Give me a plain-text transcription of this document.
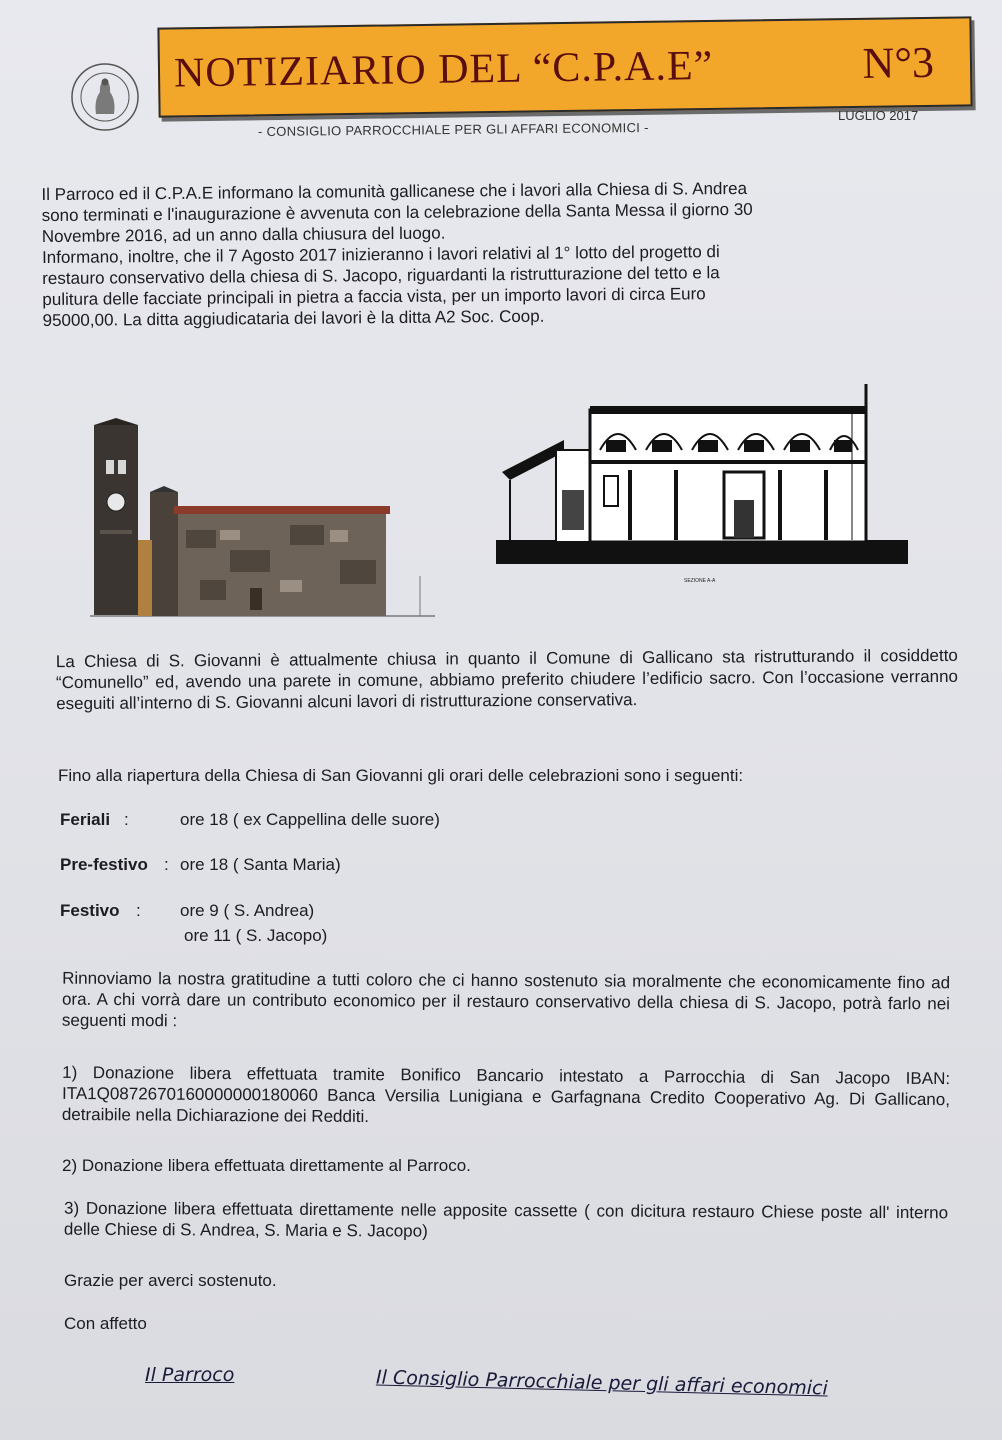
NOTIZIARIO DEL “C.P.A.E”	N°3
- CONSIGLIO PARROCCHIALE PER GLI AFFARI ECONOMICI -
LUGLIO 2017
Il Parroco ed il C.P.A.E informano la comunità gallicanese che i lavori alla Chiesa di S. Andrea
sono terminati e l'inaugurazione è avvenuta con la celebrazione della Santa Messa il giorno 30
Novembre 2016, ad un anno dalla chiusura del luogo.
Informano, inoltre, che il 7 Agosto 2017 inizieranno i lavori relativi al 1° lotto del progetto di
restauro conservativo della chiesa di S. Jacopo, riguardanti la ristrutturazione del tetto e la
pulitura delle facciate principali in pietra a faccia vista, per un importo lavori di circa Euro
95000,00. La ditta aggiudicataria dei lavori è la ditta A2 Soc. Coop.
SEZIONE A-A

La Chiesa di S. Giovanni è attualmente chiusa in quanto il Comune di Gallicano sta ristrutturando il cosiddetto “Comunello” ed, avendo una parete in comune, abbiamo preferito chiudere l’edificio sacro. Con l’occasione verranno eseguiti all’interno di S. Giovanni alcuni lavori di ristrutturazione conservativa.

Fino alla riapertura della Chiesa di San Giovanni gli orari delle celebrazioni sono i seguenti:

Feriali :	ore 18 ( ex Cappellina delle suore)
Pre-festivo : ore 18 ( Santa Maria)
Festivo : ore 9 ( S. Andrea)
ore 11 ( S. Jacopo)

Rinnoviamo la nostra gratitudine a tutti coloro che ci hanno sostenuto sia moralmente che economicamente fino ad ora. A chi vorrà dare un contributo economico per il restauro conservativo della chiesa di S. Jacopo, potrà farlo nei seguenti modi :

1) Donazione libera effettuata tramite Bonifico Bancario intestato a Parrocchia di San Jacopo IBAN: ITA1Q0872670160000000180060 Banca Versilia Lunigiana e Garfagnana Credito Cooperativo Ag. Di Gallicano, detraibile nella Dichiarazione dei Redditi.

2) Donazione libera effettuata direttamente al Parroco.

3) Donazione libera effettuata direttamente nelle apposite cassette ( con dicitura restauro Chiese poste all' interno delle Chiese di S. Andrea, S. Maria e S. Jacopo)

Grazie per averci sostenuto.

Con affetto

Il Parroco	Il Consiglio Parrocchiale per gli affari economici
